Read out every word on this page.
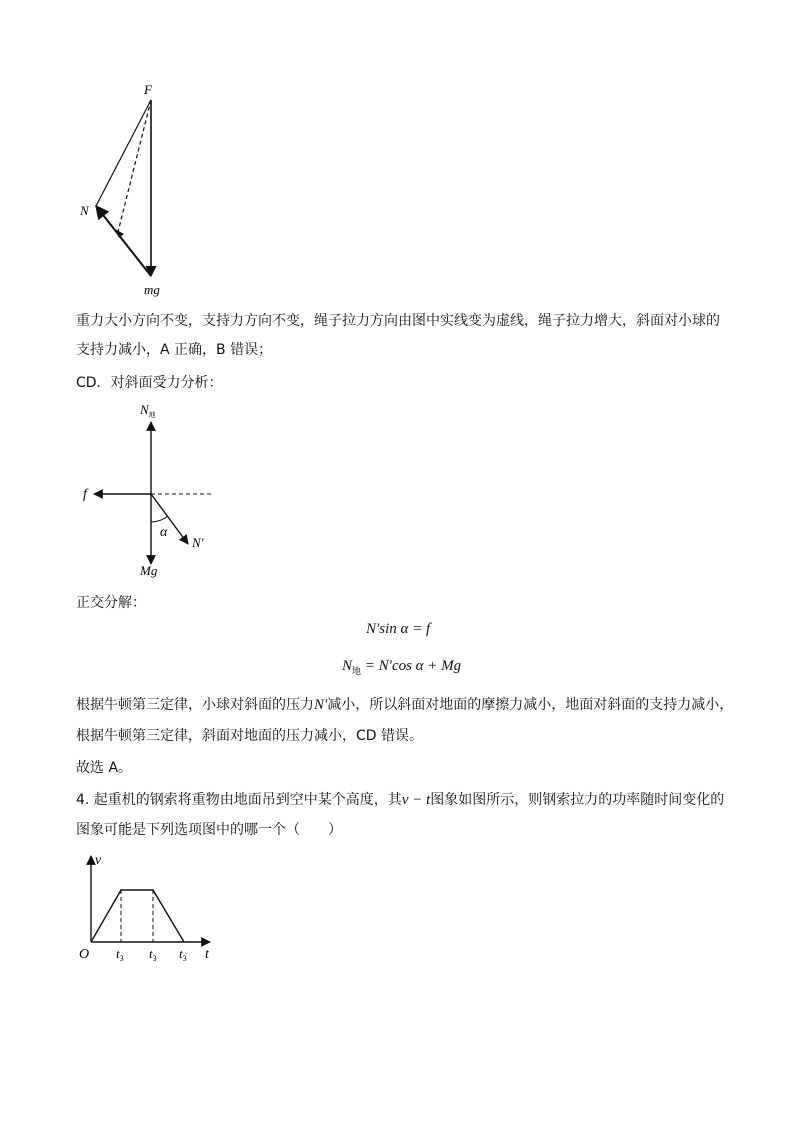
F
N
mg
重力大小方向不变，支持力方向不变，绳子拉力方向由图中实线变为虚线，绳子拉力增大，斜面对小球的
支持力减小，A 正确，B 错误；
CD．对斜面受力分析：
$N_地$
f
α
N′
Mg
正交分解：
N′sin α = f
$N_地 = N'\cos$ α + Mg
根据牛顿第三定律，小球对斜面的压力N′减小，所以斜面对地面的摩擦力减小，地面对斜面的支持力减小，
根据牛顿第三定律，斜面对地面的压力减小，CD 错误。
故选 A。
4. 起重机的钢索将重物由地面吊到空中某个高度，其v − t图象如图所示，则钢索拉力的功率随时间变化的
图象可能是下列选项图中的哪一个（　　）
v
t
O $t_3$ $t_3$ $t_3$
